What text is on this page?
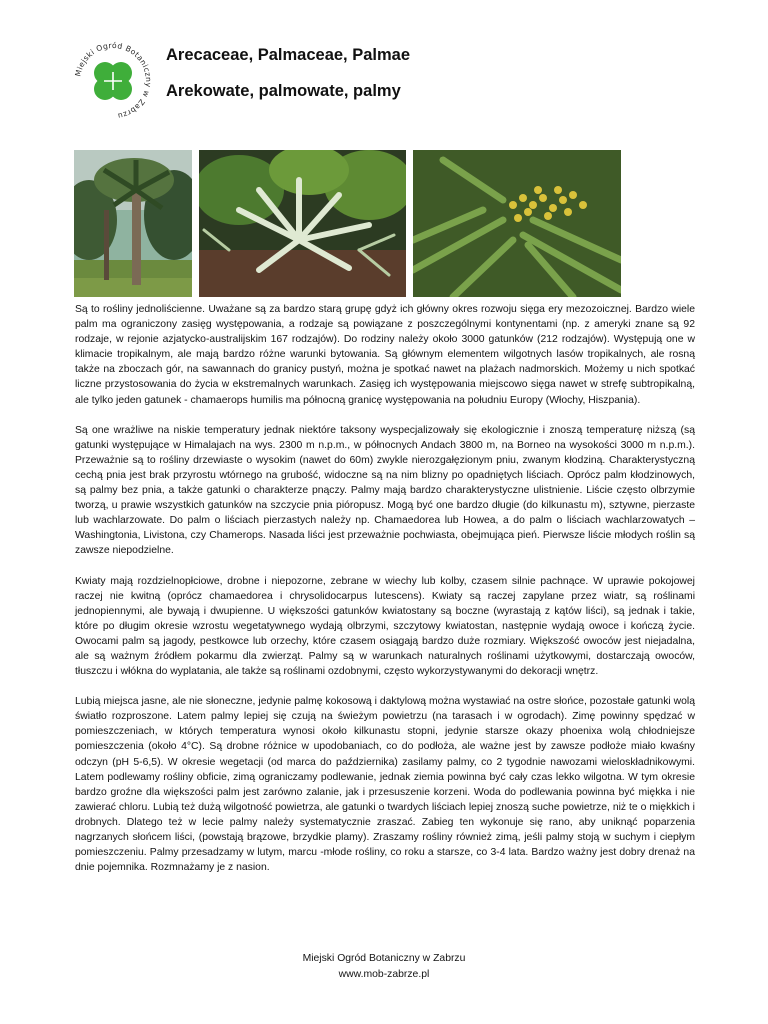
Miejski Ogród Botaniczny w Zabrzu
Arecaceae, Palmaceae, Palmae
Arekowate, palmowate, palmy

Są to rośliny jednoliścienne. Uważane są za bardzo starą grupę gdyż ich główny okres rozwoju sięga ery mezozoicznej. Bardzo wiele palm ma ograniczony zasięg występowania, a rodzaje są powiązane z poszczególnymi kontynentami (np. z ameryki znane są 92 rodzaje, w rejonie azjatycko-australijskim 167 rodzajów). Do rodziny należy około 3000 gatunków (212 rodzajów). Występują one w klimacie tropikalnym, ale mają bardzo różne warunki bytowania. Są głównym elementem wilgotnych lasów tropikalnych, ale rosną także na zboczach gór, na sawannach do granicy pustyń, można je spotkać nawet na plażach nadmorskich. Możemy u nich spotkać liczne przystosowania do życia w ekstremalnych warunkach. Zasięg ich występowania miejscowo sięga nawet w strefę subtropikalną, ale tylko jeden gatunek - chamaerops humilis ma północną granicę występowania na południu Europy (Włochy, Hiszpania).

Są one wrażliwe na niskie temperatury jednak niektóre taksony wyspecjalizowały się ekologicznie i znoszą temperaturę niższą (są gatunki występujące w Himalajach na wys. 2300 m n.p.m., w północnych Andach 3800 m, na Borneo na wysokości 3000 m n.p.m.). Przeważnie są to rośliny drzewiaste o wysokim (nawet do 60m) zwykle nierozgałęzionym pniu, zwanym kłodziną. Charakterystyczną cechą pnia jest brak przyrostu wtórnego na grubość, widoczne są na nim blizny po opadniętych liściach. Oprócz palm kłodzinowych, są palmy bez pnia, a także gatunki o charakterze pnączy. Palmy mają bardzo charakterystyczne ulistnienie. Liście często olbrzymie tworzą, u prawie wszystkich gatunków na szczycie pnia pióropusz. Mogą być one bardzo długie (do kilkunastu m), sztywne, pierzaste lub wachlarzowate. Do palm o liściach pierzastych należy np. Chamaedorea lub Howea, a do palm o liściach wachlarzowatych – Washingtonia, Livistona, czy Chamerops. Nasada liści jest przeważnie pochwiasta, obejmująca pień. Pierwsze liście młodych roślin są zawsze niepodzielne.

Kwiaty mają rozdzielnopłciowe, drobne i niepozorne, zebrane w wiechy lub kolby, czasem silnie pachnące. W uprawie pokojowej raczej nie kwitną (oprócz chamaedorea i chrysolidocarpus lutescens). Kwiaty są raczej zapylane przez wiatr, są roślinami jednopiennymi, ale bywają i dwupienne. U większości gatunków kwiatostany są boczne (wyrastają z kątów liści), są jednak i takie, które po długim okresie wzrostu wegetatywnego wydają olbrzymi, szczytowy kwiatostan, następnie wydają owoce i kończą życie. Owocami palm są jagody, pestkowce lub orzechy, które czasem osiągają bardzo duże rozmiary. Większość owoców jest niejadalna, ale są ważnym źródłem pokarmu dla zwierząt. Palmy są w warunkach naturalnych roślinami użytkowymi, dostarczają owoców, tłuszczu i włókna do wyplatania, ale także są roślinami ozdobnymi, często wykorzystywanymi do dekoracji wnętrz.

Lubią miejsca jasne, ale nie słoneczne, jedynie palmę kokosową i daktylową można wystawiać na ostre słońce, pozostałe gatunki wolą światło rozproszone. Latem palmy lepiej się czują na świeżym powietrzu (na tarasach i w ogrodach). Zimę powinny spędzać w pomieszczeniach, w których temperatura wynosi około kilkunastu stopni, jedynie starsze okazy phoenixa wolą chłodniejsze pomieszczenia (około 4°C). Są drobne różnice w upodobaniach, co do podłoża, ale ważne jest by zawsze podłoże miało kwaśny odczyn (pH 5-6,5). W okresie wegetacji (od marca do października) zasilamy palmy, co 2 tygodnie nawozami wieloskładnikowymi. Latem podlewamy rośliny obficie, zimą ograniczamy podlewanie, jednak ziemia powinna być cały czas lekko wilgotna. W tym okresie bardzo groźne dla większości palm jest zarówno zalanie, jak i przesuszenie korzeni. Woda do podlewania powinna być miękka i nie zawierać chloru. Lubią też dużą wilgotność powietrza, ale gatunki o twardych liściach lepiej znoszą suche powietrze, niż te o miękkich i drobnych. Dlatego też w lecie palmy należy systematycznie zraszać. Zabieg ten wykonuje się rano, aby uniknąć poparzenia nagrzanych słońcem liści, (powstają brązowe, brzydkie plamy). Zraszamy rośliny również zimą, jeśli palmy stoją w suchym i ciepłym pomieszczeniu. Palmy przesadzamy w lutym, marcu -młode rośliny, co roku a starsze, co 3-4 lata. Bardzo ważny jest dobry drenaż na dnie pojemnika. Rozmnażamy je z nasion.

Miejski Ogród Botaniczny w Zabrzu
www.mob-zabrze.pl
